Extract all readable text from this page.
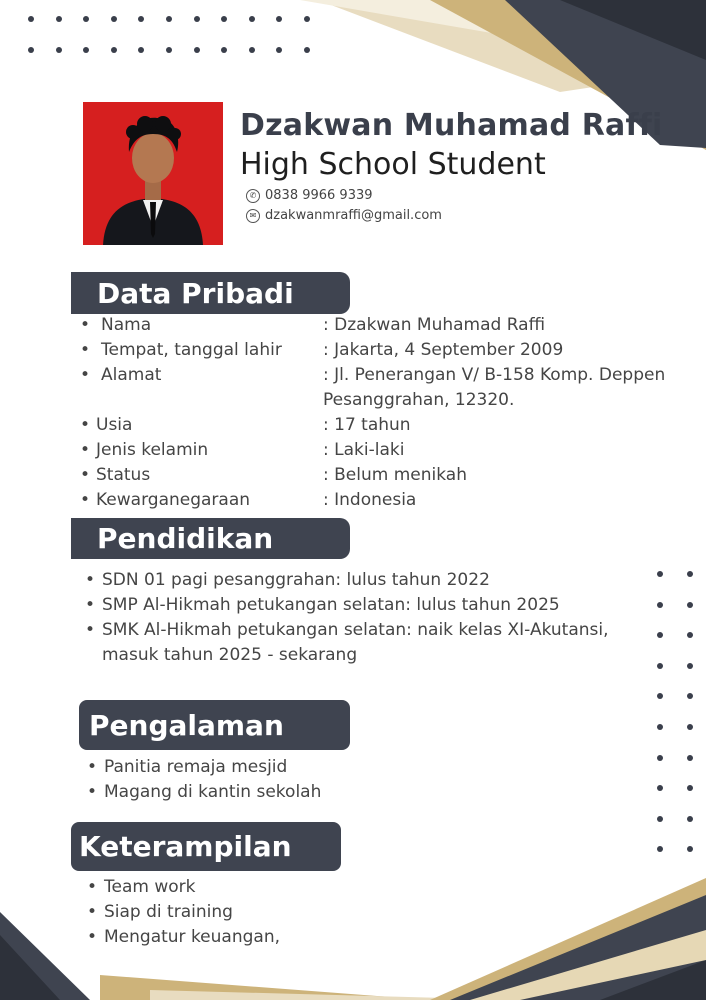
Dzakwan Muhamad Raffi
High School Student
✆ 0838 9966 9339
✉ dzakwanmraffi@gmail.com
Data Pribadi
• Nama	: Dzakwan Muhamad Raffi
• Tempat, tanggal lahir : Jakarta, 4 September 2009
• Alamat	: Jl. Penerangan V/ B-158 Komp. Deppen
Pesanggrahan, 12320.
• Usia	: 17 tahun
• Jenis kelamin	: Laki-laki
• Status	: Belum menikah
• Kewarganegaraan	: Indonesia
Pendidikan
• SDN 01 pagi pesanggrahan: lulus tahun 2022
• SMP Al-Hikmah petukangan selatan: lulus tahun 2025
• SMK Al-Hikmah petukangan selatan: naik kelas XI-Akutansi,
masuk tahun 2025 - sekarang
Pengalaman
• Panitia remaja mesjid
• Magang di kantin sekolah
Keterampilan
• Team work
• Siap di training
• Mengatur keuangan,
